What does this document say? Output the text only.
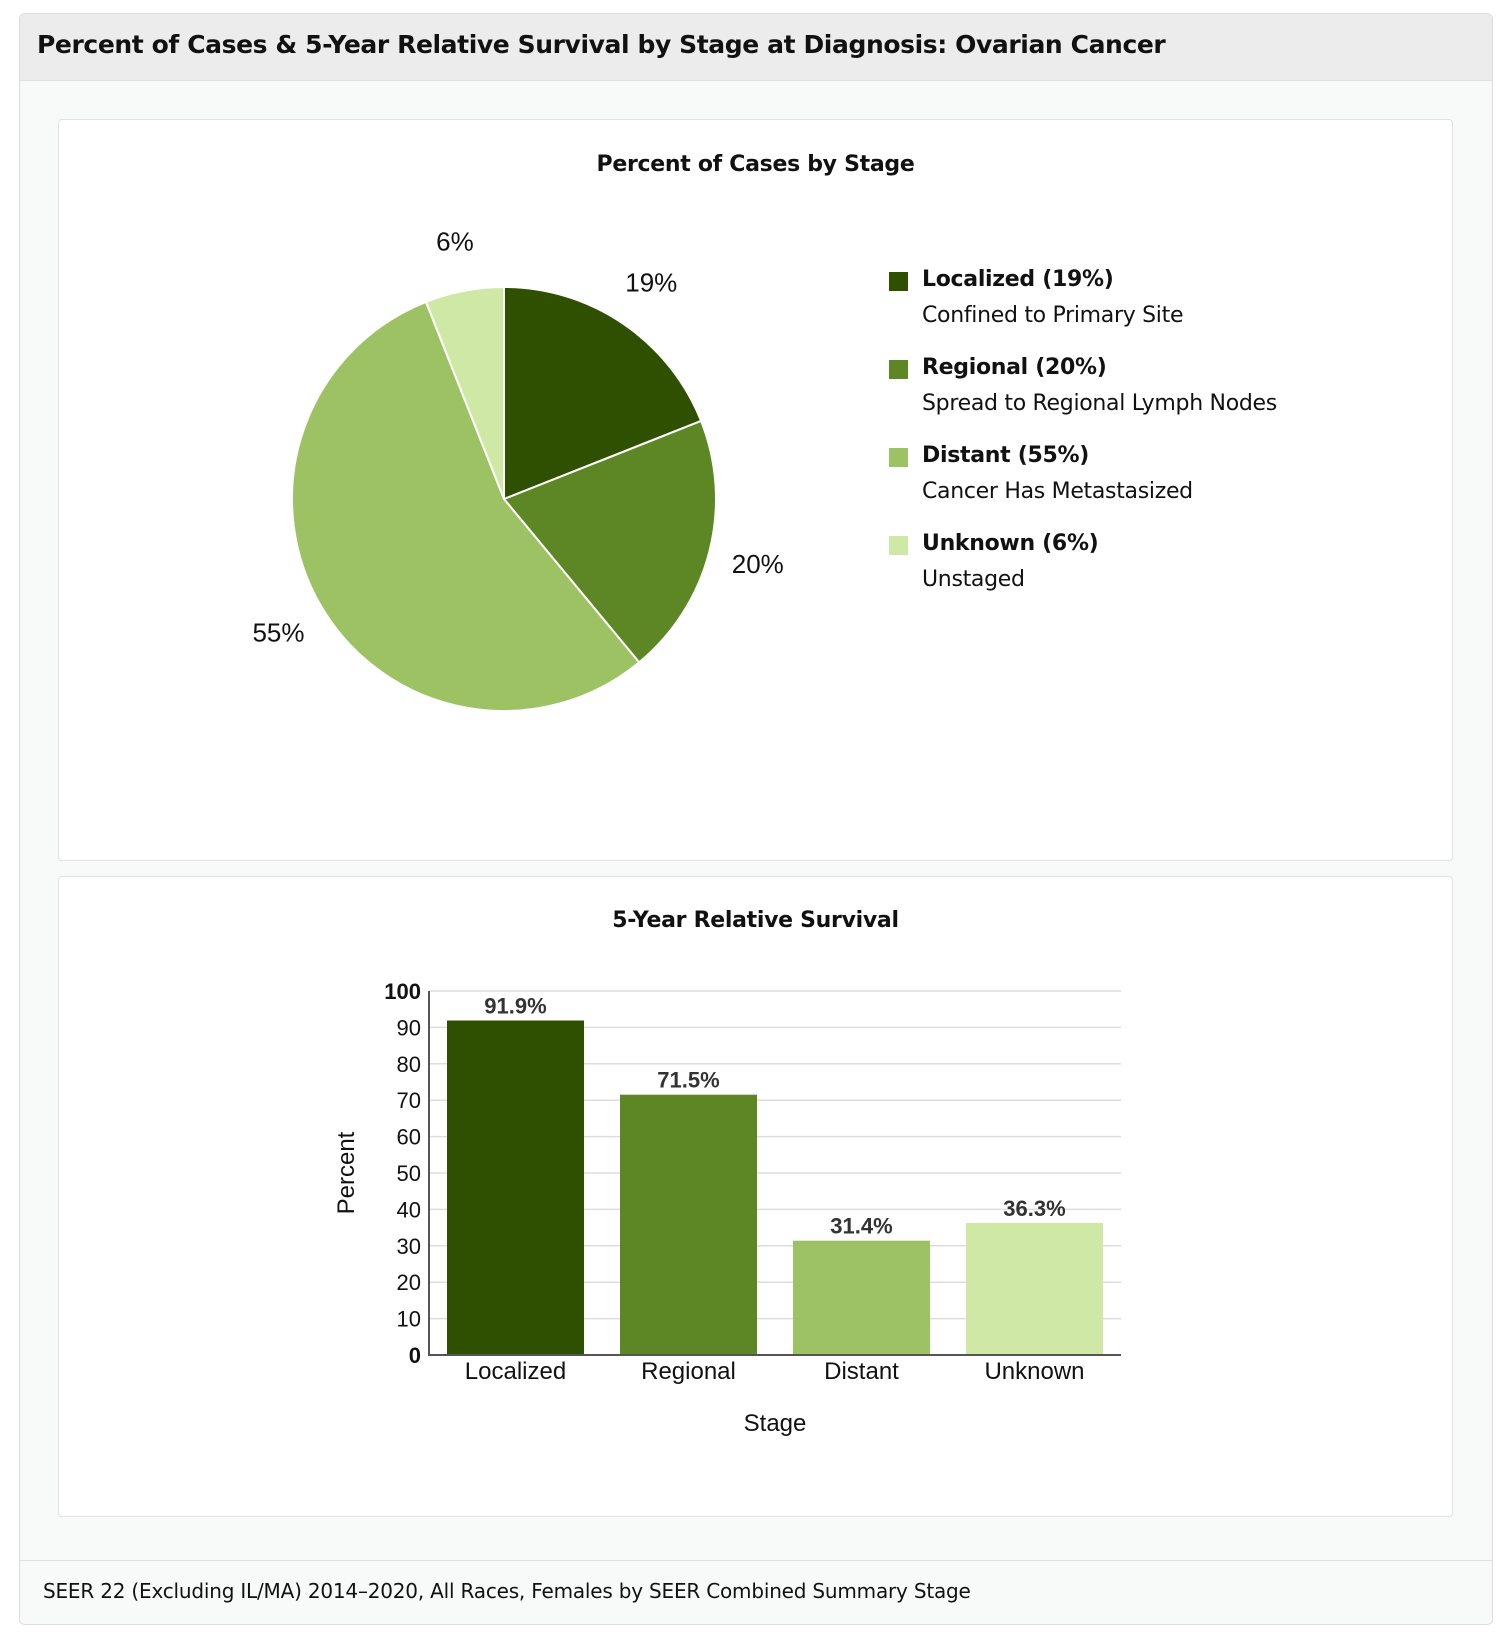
Percent of Cases & 5-Year Relative Survival by Stage at Diagnosis: Ovarian Cancer
Percent of Cases by Stage
19%
20%
55%
6%
Localized (19%)
Confined to Primary Site
Regional (20%)
Spread to Regional Lymph Nodes
Distant (55%)
Cancer Has Metastasized
Unknown (6%)
Unstaged
5-Year Relative Survival
0
10
20
30
40
50
60
70
80
90
100
91.9%
Localized
71.5%
Regional
31.4%
Distant
36.3%
Unknown
Stage
Percent
SEER 22 (Excluding IL/MA) 2014–2020, All Races, Females by SEER Combined Summary Stage
